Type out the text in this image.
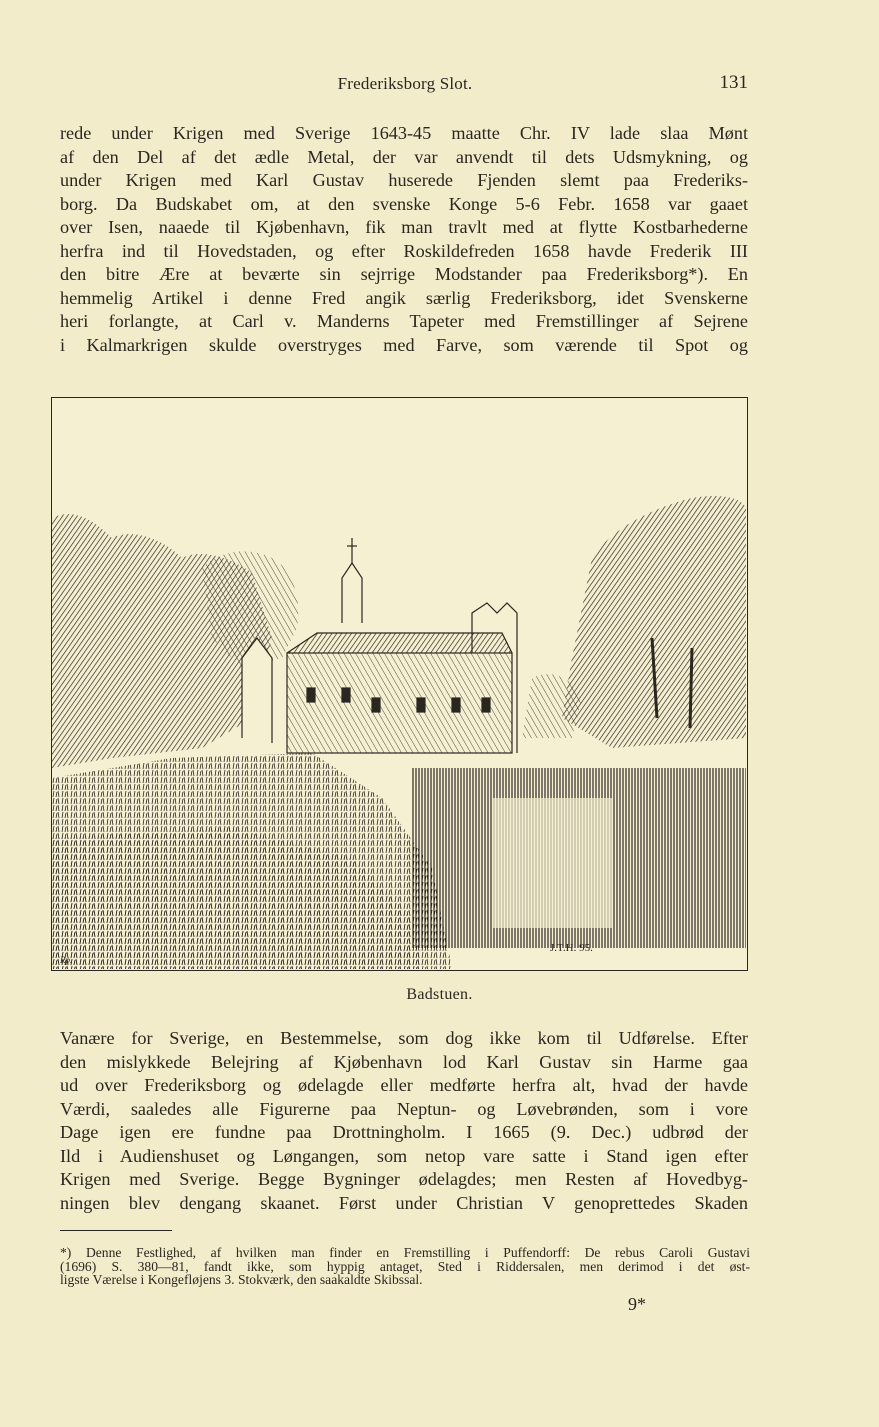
Frederiksborg Slot.	131
rede under Krigen med Sverige 1643-45 maatte Chr. IV lade slaa Mønt
af den Del af det ædle Metal, der var anvendt til dets Udsmykning, og
under Krigen med Karl Gustav huserede Fjenden slemt paa Frederiks-
borg. Da Budskabet om, at den svenske Konge 5-6 Febr. 1658 var gaaet
over Isen, naaede til Kjøbenhavn, fik man travlt med at flytte Kostbarhederne
herfra ind til Hovedstaden, og efter Roskildefreden 1658 havde Frederik III
den bitre Ære at beværte sin sejrrige Modstander paa Frederiksborg*). En
hemmelig Artikel i denne Fred angik særlig Frederiksborg, idet Svenskerne
heri forlangte, at Carl v. Manderns Tapeter med Fremstillinger af Sejrene
i Kalmarkrigen skulde overstryges med Farve, som værende til Spot og
J.T.H. 95.
Rp.
Badstuen.
Vanære for Sverige, en Bestemmelse, som dog ikke kom til Udførelse. Efter
den mislykkede Belejring af Kjøbenhavn lod Karl Gustav sin Harme gaa
ud over Frederiksborg og ødelagde eller medførte herfra alt, hvad der havde
Værdi, saaledes alle Figurerne paa Neptun- og Løvebrønden, som i vore
Dage igen ere fundne paa Drottningholm. I 1665 (9. Dec.) udbrød der
Ild i Audienshuset og Løngangen, som netop vare satte i Stand igen efter
Krigen med Sverige. Begge Bygninger ødelagdes; men Resten af Hovedbyg-
ningen blev dengang skaanet. Først under Christian V genoprettedes Skaden
*) Denne Festlighed, af hvilken man finder en Fremstilling i Puffendorff: De rebus Caroli Gustavi
(1696) S. 380—81, fandt ikke, som hyppig antaget, Sted i Riddersalen, men derimod i det øst-
ligste Værelse i Kongefløjens 3. Stokværk, den saakaldte Skibssal.
9*
